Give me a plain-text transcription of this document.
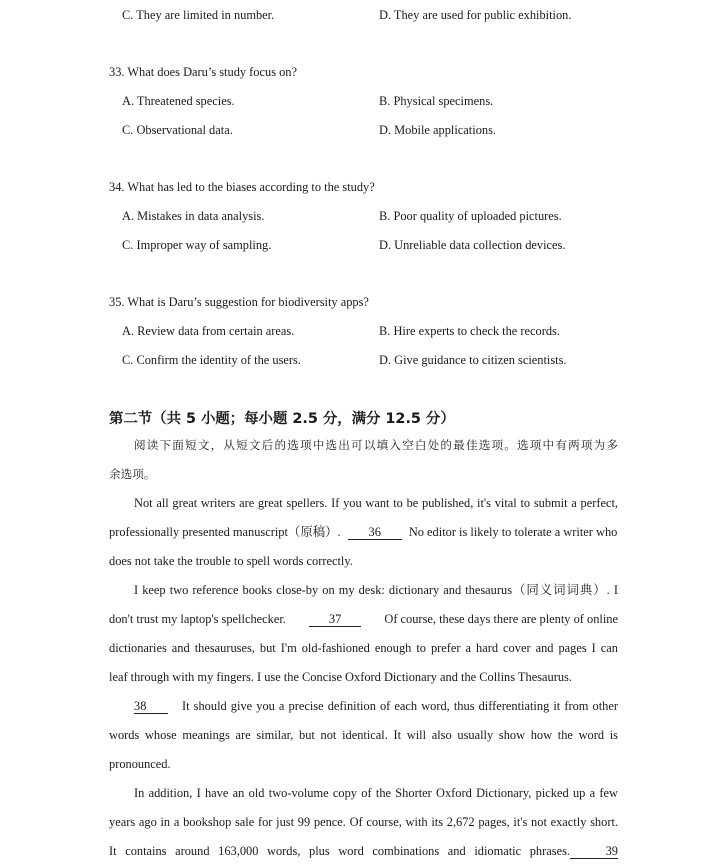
C. They are limited in number.	D. They are used for public exhibition.
33. What does Daru’s study focus on?
A. Threatened species.	B. Physical specimens.
C. Observational data.	D. Mobile applications.
34. What has led to the biases according to the study?
A. Mistakes in data analysis.	B. Poor quality of uploaded pictures.
C. Improper way of sampling.	D. Unreliable data collection devices.
35. What is Daru’s suggestion for biodiversity apps?
A. Review data from certain areas.	B. Hire experts to check the records.
C. Confirm the identity of the users.	D. Give guidance to citizen scientists.
第二节（共 5 小题；每小题 2.5 分，满分 12.5 分）
阅读下面短文，从短文后的选项中选出可以填入空白处的最佳选项。选项中有两项为多
余选项。
Not all great writers are great spellers. If you want to be published, it's vital to submit a perfect,
professionally presented manuscript（原稿）. 36 No editor is likely to tolerate a writer who
does not take the trouble to spell words correctly.
I keep two reference books close-by on my desk: dictionary and thesaurus（同义词词典）. I
don't trust my laptop's spellchecker.	37	Of course, these days there are plenty of online
dictionaries and thesauruses, but I'm old-fashioned enough to prefer a hard cover and pages I can
leaf through with my fingers. I use the Concise Oxford Dictionary and the Collins Thesaurus.
38	It should give you a precise definition of each word, thus differentiating it from other
words whose meanings are similar, but not identical. It will also usually show how the word is
pronounced.
In addition, I have an old two-volume copy of the Shorter Oxford Dictionary, picked up a few
years ago in a bookshop sale for just 99 pence. Of course, with its 2,672 pages, it's not exactly short.
It contains around 163,000 words, plus word combinations and idiomatic phrases.	39
